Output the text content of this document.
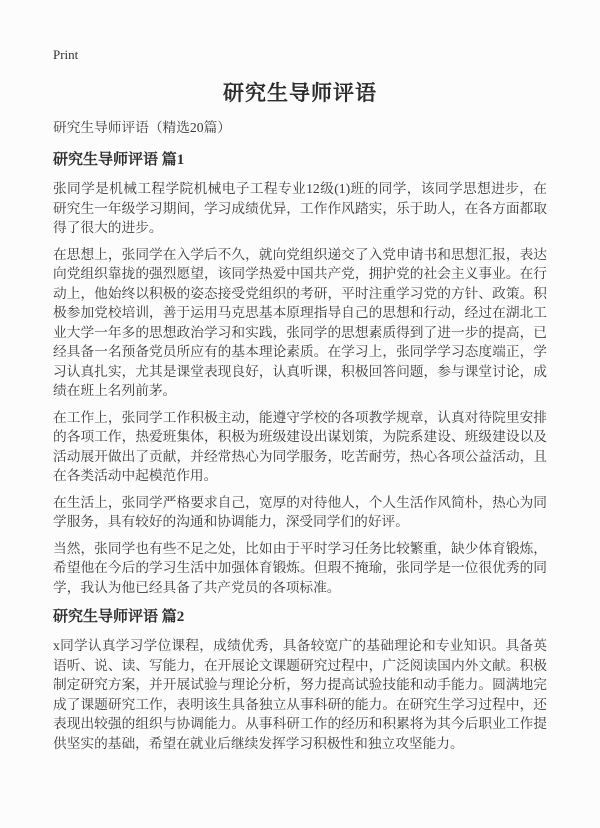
Print
研究生导师评语

研究生导师评语（精选20篇）

研究生导师评语 篇1

张同学是机械工程学院机械电子工程专业12级(1)班的同学，该同学思想进步，在研究生一年级学习期间，学习成绩优异，工作作风踏实，乐于助人，在各方面都取得了很大的进步。

在思想上，张同学在入学后不久，就向党组织递交了入党申请书和思想汇报，表达向党组织靠拢的强烈愿望，该同学热爱中国共产党，拥护党的社会主义事业。在行动上，他始终以积极的姿态接受党组织的考研，平时注重学习党的方针、政策。积极参加党校培训，善于运用马克思基本原理指导自己的思想和行动，经过在湖北工业大学一年多的思想政治学习和实践，张同学的思想素质得到了进一步的提高，已经具备一名预备党员所应有的基本理论素质。在学习上，张同学学习态度端正，学习认真扎实，尤其是课堂表现良好，认真听课，积极回答问题，参与课堂讨论，成绩在班上名列前茅。

在工作上，张同学工作积极主动，能遵守学校的各项教学规章，认真对待院里安排的各项工作，热爱班集体，积极为班级建设出谋划策，为院系建设、班级建设以及活动展开做出了贡献，并经常热心为同学服务，吃苦耐劳，热心各项公益活动，且在各类活动中起模范作用。

在生活上，张同学严格要求自己，宽厚的对待他人，个人生活作风简朴，热心为同学服务，具有较好的沟通和协调能力，深受同学们的好评。

当然，张同学也有些不足之处，比如由于平时学习任务比较繁重，缺少体育锻炼，希望他在今后的学习生活中加强体育锻炼。但瑕不掩瑜，张同学是一位很优秀的同学，我认为他已经具备了共产党员的各项标准。

研究生导师评语 篇2

x同学认真学习学位课程，成绩优秀，具备较宽广的基础理论和专业知识。具备英语听、说、读、写能力，在开展论文课题研究过程中，广泛阅读国内外文献。积极制定研究方案，并开展试验与理论分析，努力提高试验技能和动手能力。圆满地完成了课题研究工作，表明该生具备独立从事科研的能力。在研究生学习过程中，还表现出较强的组织与协调能力。从事科研工作的经历和积累将为其今后职业工作提供坚实的基础，希望在就业后继续发挥学习积极性和独立攻坚能力。
